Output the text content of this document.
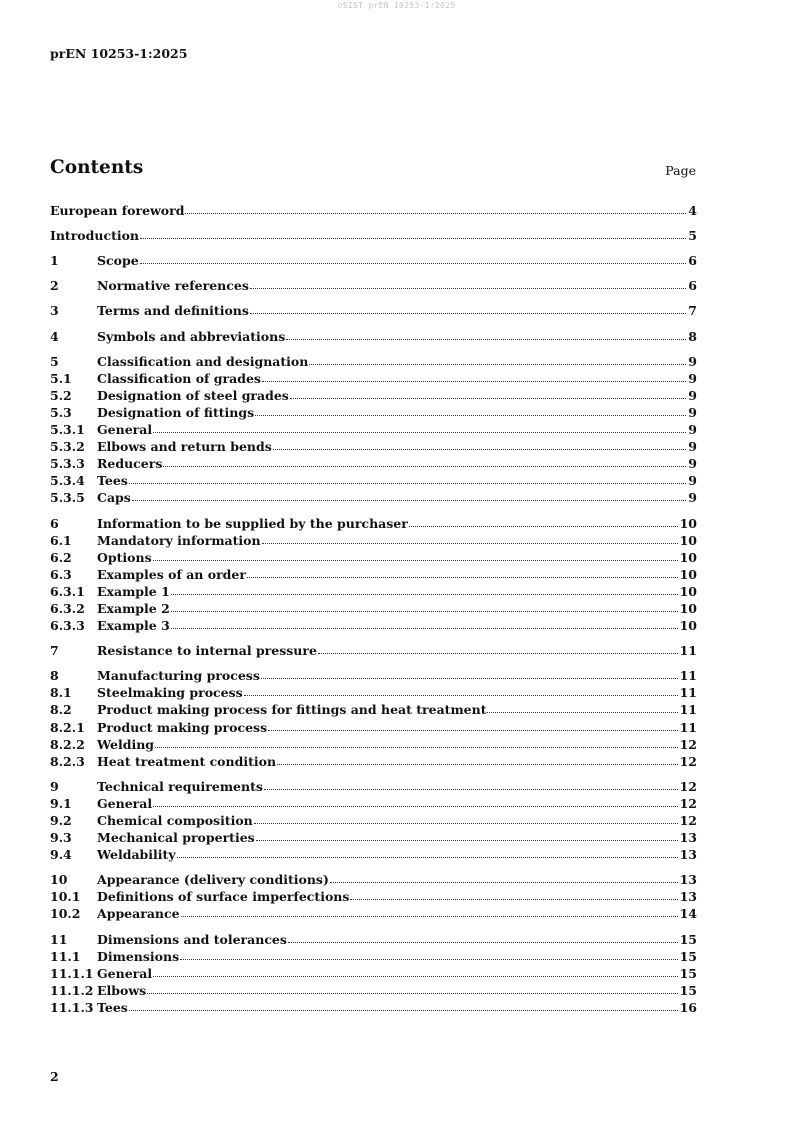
oSIST prEN 10253-1:2025
prEN 10253-1:2025
Contents	Page
European foreword	4
Introduction	5
1	Scope	6
2	Normative references	6
3	Terms and definitions	7
4	Symbols and abbreviations	8
5	Classification and designation	9
5.1	Classification of grades	9
5.2	Designation of steel grades	9
5.3	Designation of fittings	9
5.3.1 General	9
5.3.2 Elbows and return bends	9
5.3.3 Reducers	9
5.3.4 Tees	9
5.3.5 Caps	9
6	Information to be supplied by the purchaser	10
6.1	Mandatory information	10
6.2	Options	10
6.3	Examples of an order	10
6.3.1 Example 1	10
6.3.2 Example 2	10
6.3.3 Example 3	10
7	Resistance to internal pressure	11
8	Manufacturing process	11
8.1	Steelmaking process	11
8.2	Product making process for fittings and heat treatment	11
8.2.1 Product making process	11
8.2.2 Welding	12
8.2.3 Heat treatment condition	12
9	Technical requirements	12
9.1	General	12
9.2	Chemical composition	12
9.3	Mechanical properties	13
9.4	Weldability	13
10	Appearance (delivery conditions)	13
10.1	Definitions of surface imperfections	13
10.2	Appearance	14
11	Dimensions and tolerances	15
11.1	Dimensions	15
11.1.1 General	15
11.1.2 Elbows	15
11.1.3 Tees	16
2
